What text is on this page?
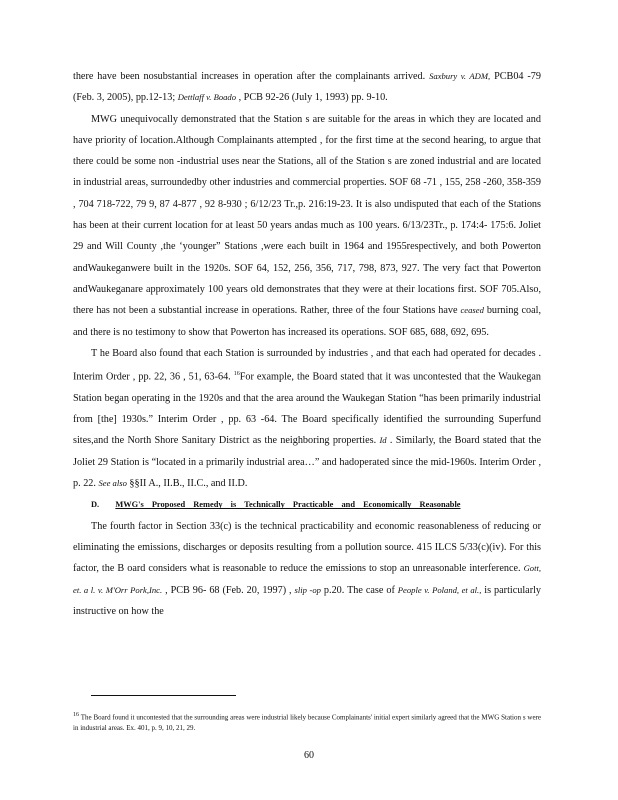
there have been nosubstantial increases in operation after the complainants arrived. Saxbury v. ADM, PCB04 -79 (Feb. 3, 2005), pp.12-13; Dettlaff v. Boado , PCB 92-26 (July 1, 1993) pp. 9-10.

MWG unequivocally demonstrated that the Station s are suitable for the areas in which they are located and have priority of location.Although Complainants attempted , for the first time at the second hearing, to argue that there could be some non -industrial uses near the Stations, all of the Station s are zoned industrial and are located in industrial areas, surroundedby other industries and commercial properties. SOF 68 -71 , 155, 258 -260, 358-359 , 704 718-722, 79 9, 87 4-877 , 92 8-930 ; 6/12/23 Tr.,p. 216:19-23. It is also undisputed that each of the Stations has been at their current location for at least 50 years andas much as 100 years. 6/13/23Tr., p. 174:4- 175:6. Joliet 29 and Will County ,the ‘younger” Stations ,were each built in 1964 and 1955respectively, and both Powerton andWaukeganwere built in the 1920s. SOF 64, 152, 256, 356, 717, 798, 873, 927. The very fact that Powerton andWaukeganare approximately 100 years old demonstrates that they were at their locations first. SOF 705.Also, there has not been a substantial increase in operations. Rather, three of the four Stations have ceased burning coal, and there is no testimony to show that Powerton has increased its operations. SOF 685, 688, 692, 695.

T he Board also found that each Station is surrounded by industries , and that each had operated for decades . Interim Order , pp. 22, 36 , 51, 63-64. $^{16}$For example, the Board stated that it was uncontested that the Waukegan Station began operating in the 1920s and that the area around the Waukegan Station “has been primarily industrial from [the] 1930s.” Interim Order , pp. 63 -64. The Board specifically identified the surrounding Superfund sites,and the North Shore Sanitary District as the neighboring properties. Id . Similarly, the Board stated that the Joliet 29 Station is “located in a primarily industrial area…” and hadoperated since the mid-1960s. Interim Order , p. 22. See also §§II A., II.B., II.C., and II.D.

D. MWG's Proposed Remedy is Technically Practicable and Economically Reasonable

The fourth factor in Section 33(c) is the technical practicability and economic reasonableness of reducing or eliminating the emissions, discharges or deposits resulting from a pollution source. 415 ILCS 5/33(c)(iv). For this factor, the B oard considers what is reasonable to reduce the emissions to stop an unreasonable interference. Gott, et. a l. v. M'Orr Pork,Inc. , PCB 96- 68 (Feb. 20, 1997) , slip -op p.20. The case of People v. Poland, et al., is particularly instructive on how the

16 The Board found it uncontested that the surrounding areas were industrial likely because Complainants' initial expert similarly agreed that the MWG Station s were in industrial areas. Ex. 401, p. 9, 10, 21, 29.
60
